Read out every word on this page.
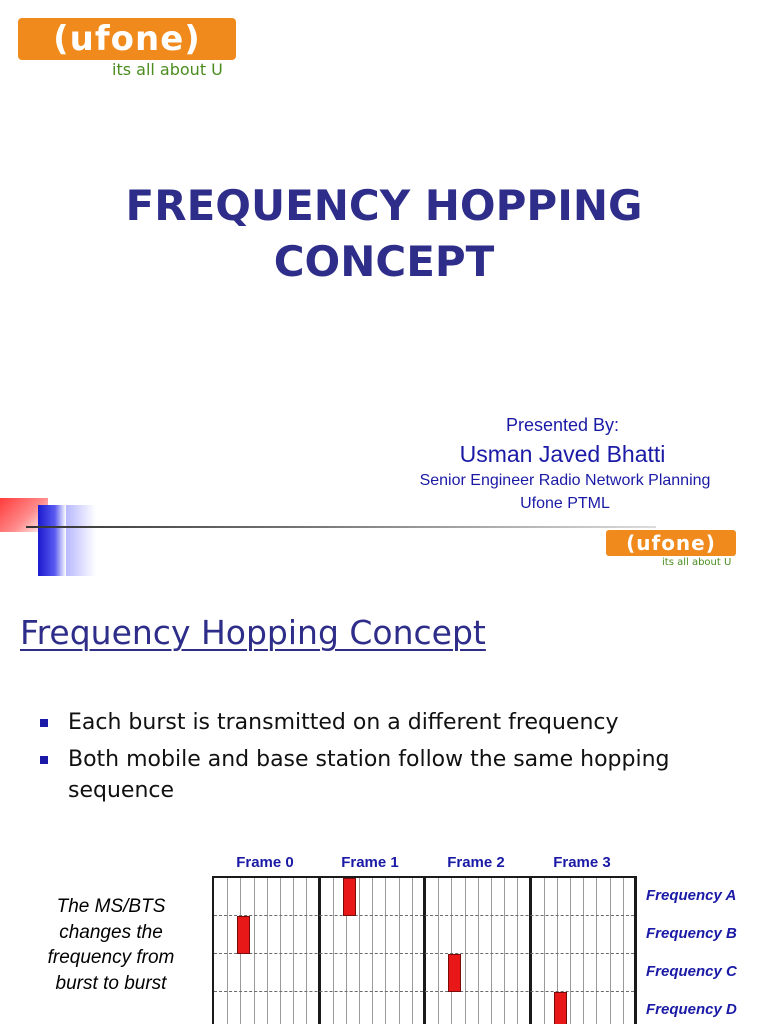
(ufone)
its all about U
FREQUENCY HOPPING
CONCEPT
Presented By:
Usman Javed Bhatti
Senior Engineer Radio Network Planning
Ufone PTML
(ufone)
its all about U
Frequency Hopping Concept
Each burst is transmitted on a different frequency
Both mobile and base station follow the same hopping sequence
The MS/BTS changes the frequency from burst to burst
Frame 0	Frame 1	Frame 2	Frame 3
Frequency A
Frequency B
Frequency C
Frequency D
